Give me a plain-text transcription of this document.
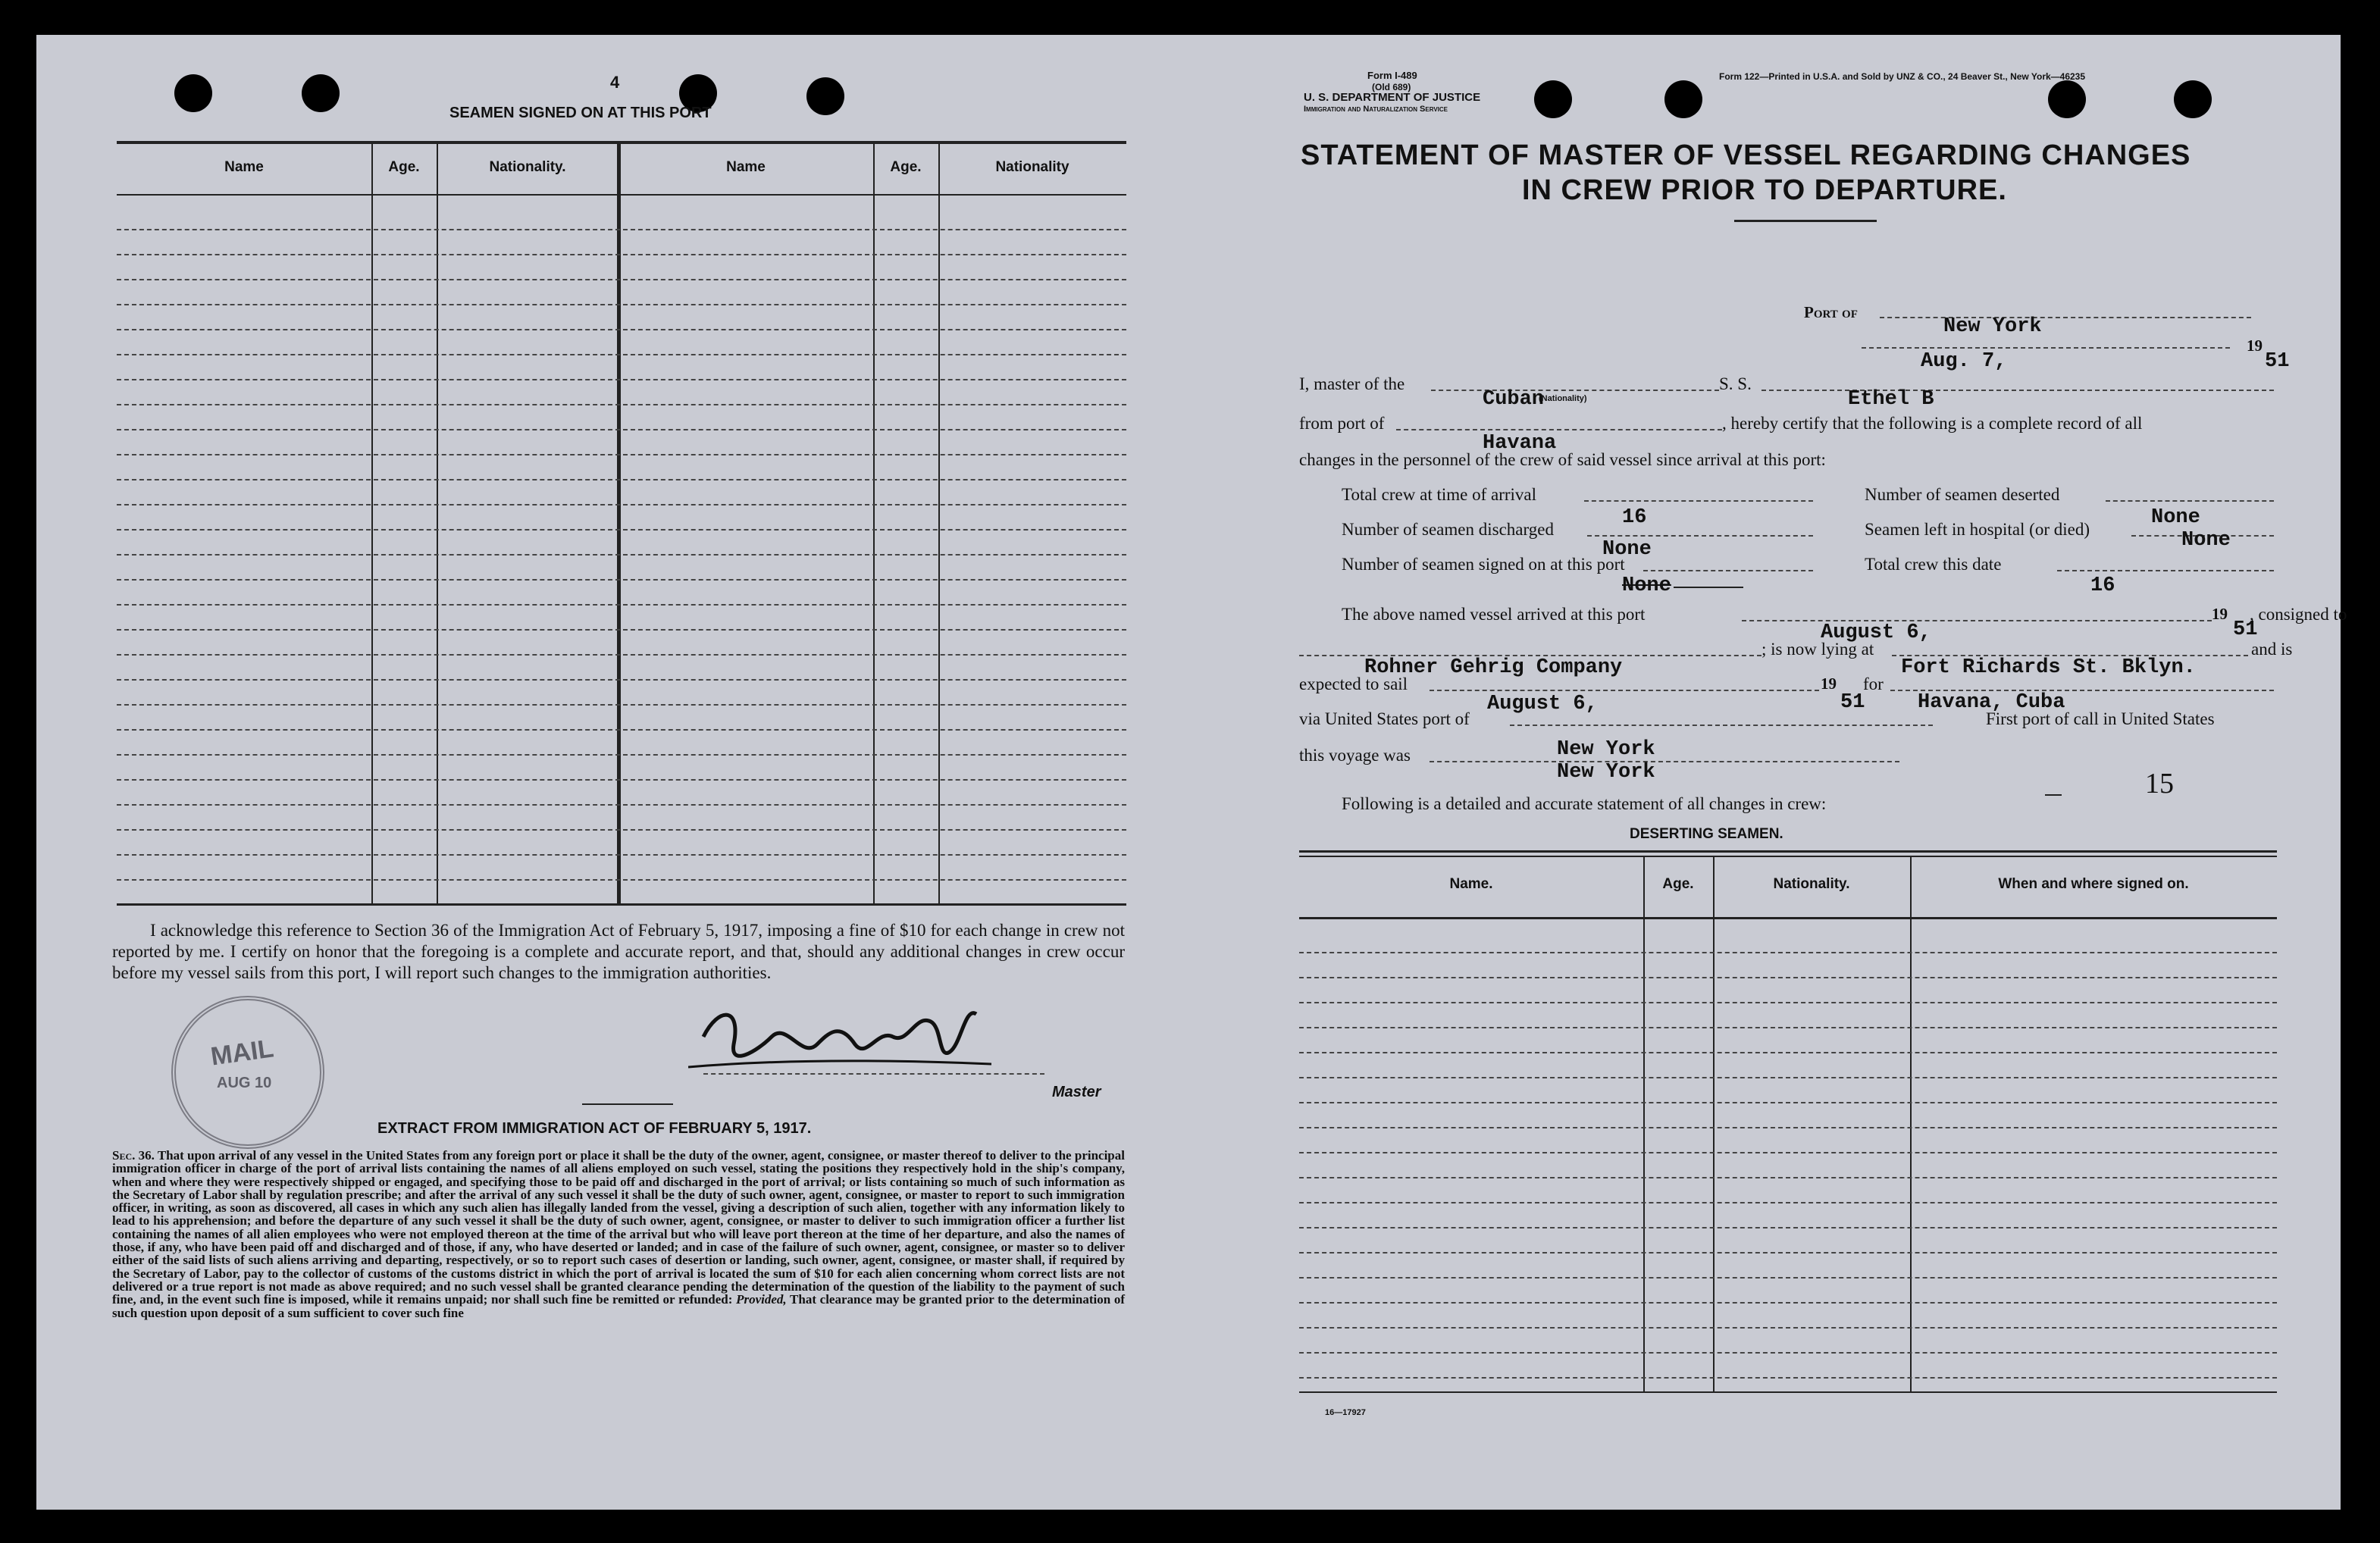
4
SEAMEN SIGNED ON AT THIS PORT
Name	Age.	Nationality.	Name	Age.	Nationality
I acknowledge this reference to Section 36 of the Immigration Act of February 5, 1917, imposing a fine of $10 for each change in crew not reported by me. I certify on honor that the foregoing is a complete and accurate report, and that, should any additional changes in crew occur before my vessel sails from this port, I will report such changes to the immigration authorities.
MAIL
AUG 10
Master
EXTRACT FROM IMMIGRATION ACT OF FEBRUARY 5, 1917.
Sec. 36. That upon arrival of any vessel in the United States from any foreign port or place it shall be the duty of the owner, agent, consignee, or master thereof to deliver to the principal immigration officer in charge of the port of arrival lists containing the names of all aliens employed on such vessel, stating the positions they respectively hold in the ship's company, when and where they were respectively shipped or engaged, and specifying those to be paid off and discharged in the port of arrival; or lists containing so much of such information as the Secretary of Labor shall by regulation prescribe; and after the arrival of any such vessel it shall be the duty of such owner, agent, consignee, or master to report to such immigration officer, in writing, as soon as discovered, all cases in which any such alien has illegally landed from the vessel, giving a description of such alien, together with any information likely to lead to his apprehension; and before the departure of any such vessel it shall be the duty of such owner, agent, consignee, or master to deliver to such immigration officer a further list containing the names of all alien employees who were not employed thereon at the time of the arrival but who will leave port thereon at the time of her departure, and also the names of those, if any, who have been paid off and discharged and of those, if any, who have deserted or landed; and in case of the failure of such owner, agent, consignee, or master so to deliver either of the said lists of such aliens arriving and departing, respectively, or so to report such cases of desertion or landing, such owner, agent, consignee, or master shall, if required by the Secretary of Labor, pay to the collector of customs of the customs district in which the port of arrival is located the sum of $10 for each alien concerning whom correct lists are not delivered or a true report is not made as above required; and no such vessel shall be granted clearance pending the determination of the question of the liability to the payment of such fine, and, in the event such fine is imposed, while it remains unpaid; nor shall such fine be remitted or refunded: Provided, That clearance may be granted prior to the determination of such question upon deposit of a sum sufficient to cover such fine
Form I-489
(Old 689)
U. S. DEPARTMENT OF JUSTICE
Immigration and Naturalization Service
Form 122—Printed in U.S.A. and Sold by UNZ & CO., 24 Beaver St., New York—46235
STATEMENT OF MASTER OF VESSEL REGARDING CHANGES
IN CREW PRIOR TO DEPARTURE.
Port of
New York
Aug. 7,
19
51
I, master of the	S. S.
Cuban
(Nationality)	Ethel B
from port of	, hereby certify that the following is a complete record of all
Havana
changes in the personnel of the crew of said vessel since arrival at this port:
Total crew at time of arrival	Number of seamen deserted
16	None
Number of seamen discharged	Seamen left in hospital (or died)	None
None
Number of seamen signed on at this port	Total crew this date
None	16
The above named vessel arrived at this port	19 , consigned to
August 6,	51
; is now lying at	and is
Rohner Gehrig Company	Fort Richards St. Bklyn.
expected to sail	19 for
August 6,	51	Havana, Cuba
via United States port of	First port of call in United States
New York
this voyage was
New York	15
Following is a detailed and accurate statement of all changes in crew:
DESERTING SEAMEN.
Name.	Age.	Nationality.	When and where signed on.
16—17927
